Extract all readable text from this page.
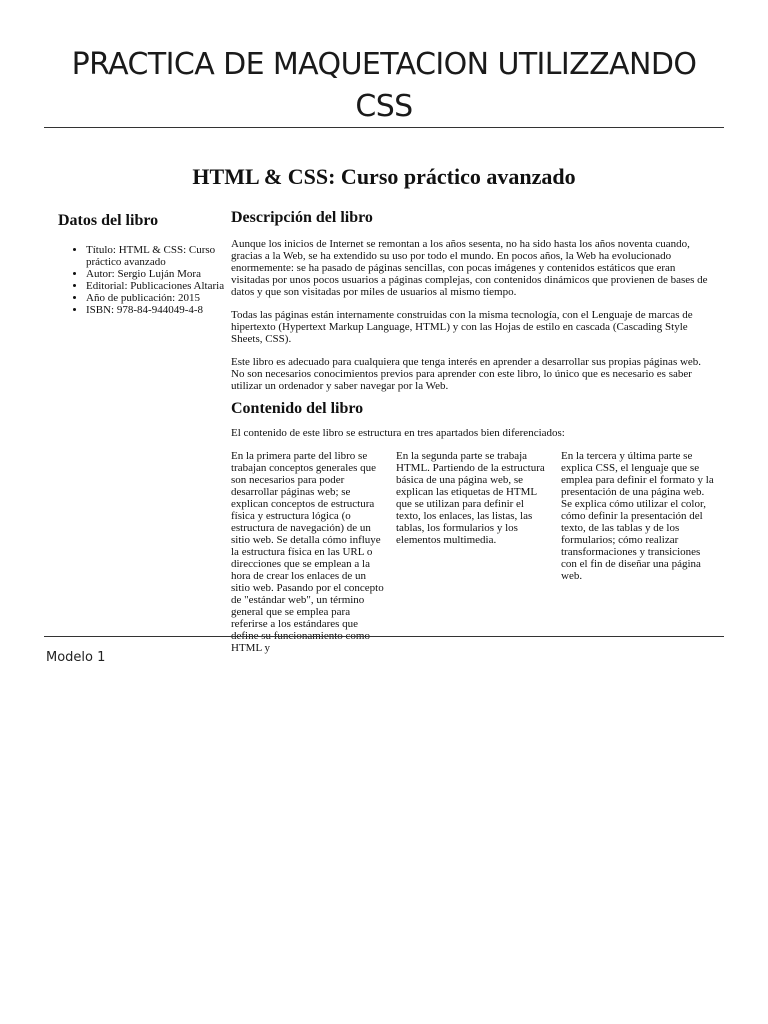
PRACTICA DE MAQUETACION UTILIZZANDO CSS
HTML & CSS: Curso práctico avanzado
Datos del libro
• Título: HTML & CSS: Curso práctico avanzado
• Autor: Sergio Luján Mora
• Editorial: Publicaciones Altaria
• Año de publicación: 2015
• ISBN: 978-84-944049-4-8
Descripción del libro

Aunque los inicios de Internet se remontan a los años sesenta, no ha sido hasta los años noventa cuando, gracias a la Web, se ha extendido su uso por todo el mundo. En pocos años, la Web ha evolucionado enormemente: se ha pasado de páginas sencillas, con pocas imágenes y contenidos estáticos que eran visitadas por unos pocos usuarios a páginas complejas, con contenidos dinámicos que provienen de bases de datos y que son visitadas por miles de usuarios al mismo tiempo.

Todas las páginas están internamente construidas con la misma tecnología, con el Lenguaje de marcas de hipertexto (Hypertext Markup Language, HTML) y con las Hojas de estilo en cascada (Cascading Style Sheets, CSS).

Este libro es adecuado para cualquiera que tenga interés en aprender a desarrollar sus propias páginas web. No son necesarios conocimientos previos para aprender con este libro, lo único que es necesario es saber utilizar un ordenador y saber navegar por la Web.

Contenido del libro

El contenido de este libro se estructura en tres apartados bien diferenciados:

En la primera parte del libro se trabajan conceptos generales que son necesarios para poder desarrollar páginas web; se explican conceptos de estructura física y estructura lógica (o estructura de navegación) de un sitio web. Se detalla cómo influye la estructura física en las URL o direcciones que se emplean a la hora de crear los enlaces de un sitio web. Pasando por el concepto de "estándar web", un término general que se emplea para referirse a los estándares que define su funcionamiento como HTML y

En la segunda parte se trabaja HTML. Partiendo de la estructura básica de una página web, se explican las etiquetas de HTML que se utilizan para definir el texto, los enlaces, las listas, las tablas, los formularios y los elementos multimedia.

En la tercera y última parte se explica CSS, el lenguaje que se emplea para definir el formato y la presentación de una página web. Se explica cómo utilizar el color, cómo definir la presentación del texto, de las tablas y de los formularios; cómo realizar transformaciones y transiciones con el fin de diseñar una página web.

Modelo 1
